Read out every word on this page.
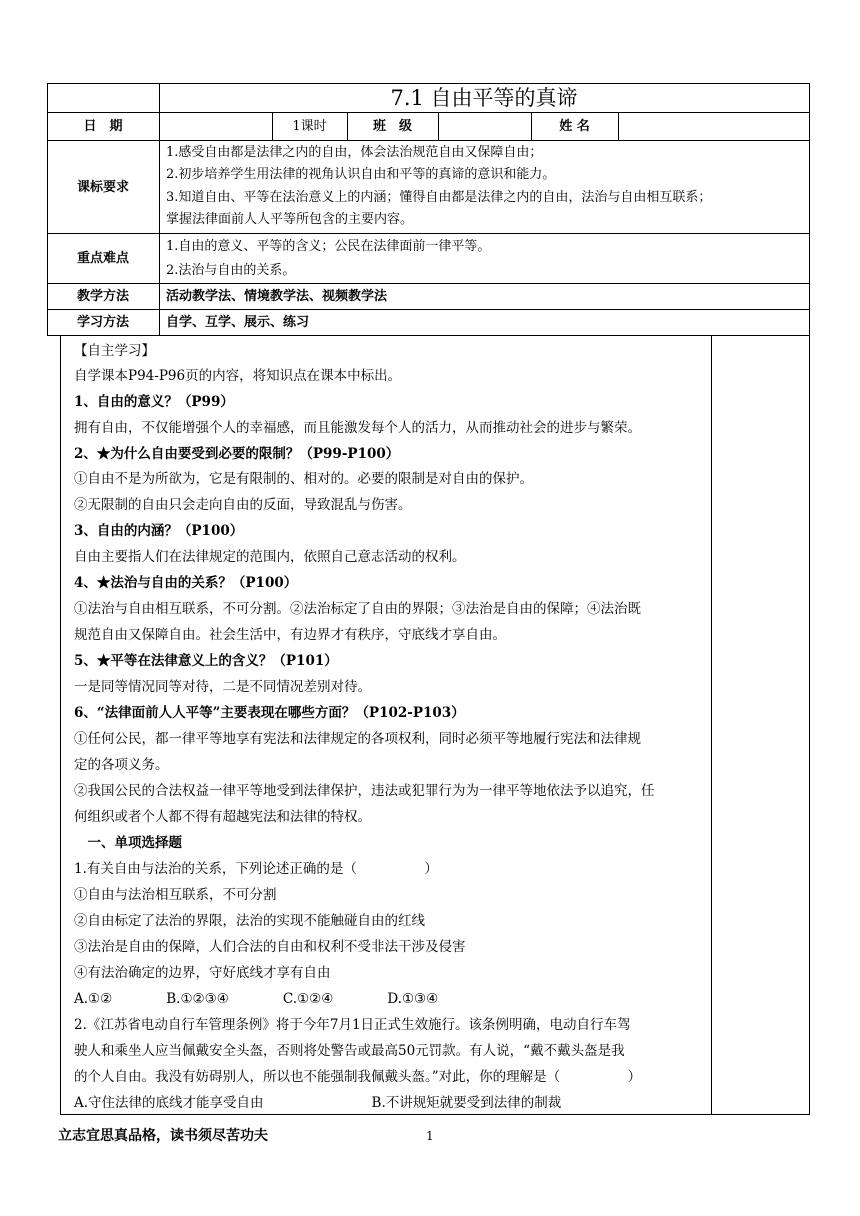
7.1 自由平等的真谛
日　期	1课时	班　级	姓 名
课标要求
1.感受自由都是法律之内的自由，体会法治规范自由又保障自由；
2.初步培养学生用法律的视角认识自由和平等的真谛的意识和能力。
3.知道自由、平等在法治意义上的内涵；懂得自由都是法律之内的自由，法治与自由相互联系；
掌握法律面前人人平等所包含的主要内容。
重点难点
1.自由的意义、平等的含义；公民在法律面前一律平等。
2.法治与自由的关系。
教学方法	活动教学法、情境教学法、视频教学法
学习方法	自学、互学、展示、练习
【自主学习】
自学课本P94-P96页的内容，将知识点在课本中标出。
1、自由的意义？（P99）
拥有自由，不仅能增强个人的幸福感，而且能激发每个人的活力，从而推动社会的进步与繁荣。
2、★为什么自由要受到必要的限制？（P99-P100）
①自由不是为所欲为，它是有限制的、相对的。必要的限制是对自由的保护。
②无限制的自由只会走向自由的反面，导致混乱与伤害。
3、自由的内涵？（P100）
自由主要指人们在法律规定的范围内，依照自己意志活动的权利。
4、★法治与自由的关系？（P100）
①法治与自由相互联系，不可分割。②法治标定了自由的界限；③法治是自由的保障；④法治既
规范自由又保障自由。社会生活中，有边界才有秩序，守底线才享自由。
5、★平等在法律意义上的含义？（P101）
一是同等情况同等对待，二是不同情况差别对待。
6、“法律面前人人平等”主要表现在哪些方面？（P102-P103）
①任何公民，都一律平等地享有宪法和法律规定的各项权利，同时必须平等地履行宪法和法律规
定的各项义务。
②我国公民的合法权益一律平等地受到法律保护，违法或犯罪行为为一律平等地依法予以追究，任
何组织或者个人都不得有超越宪法和法律的特权。
　一、单项选择题
1.有关自由与法治的关系，下列论述正确的是（　　　　　）
①自由与法治相互联系，不可分割
②自由标定了法治的界限，法治的实现不能触碰自由的红线
③法治是自由的保障，人们合法的自由和权利不受非法干涉及侵害
④有法治确定的边界，守好底线才享有自由
A.①②　　　　B.①②③④　　　　C.①②④　　　　D.①③④
2.《江苏省电动自行车管理条例》将于今年7月1日正式生效施行。该条例明确，电动自行车驾
驶人和乘坐人应当佩戴安全头盔，否则将处警告或最高50元罚款。有人说，“戴不戴头盔是我
的个人自由。我没有妨碍别人，所以也不能强制我佩戴头盔。”对此，你的理解是（　　　　　）
A.守住法律的底线才能享受自由　　　　　　　　B.不讲规矩就要受到法律的制裁
立志宜思真品格，读书须尽苦功夫	1
